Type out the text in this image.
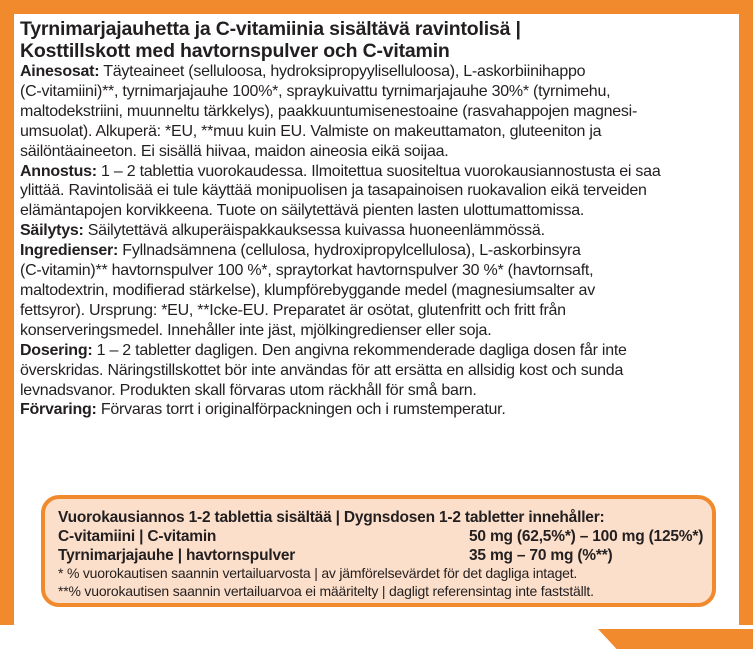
Tyrnimarjajauhetta ja C-vitamiinia sisältävä ravintolisä |
Kosttillskott med havtornspulver och C-vitamin
Ainesosat: Täyteaineet (selluloosa, hydroksipropyyliselluloosa), L-askorbiinihappo
(C-vitamiini)**, tyrnimarjajauhe 100%*, spraykuivattu tyrnimarjajauhe 30%* (tyrnimehu,
maltodekstriini, muunneltu tärkkelys), paakkuuntumisenestoaine (rasvahappojen magnesi-
umsuolat). Alkuperä: *EU, **muu kuin EU. Valmiste on makeuttamaton, gluteeniton ja
säilöntäaineeton. Ei sisällä hiivaa, maidon aineosia eikä soijaa.
Annostus: 1 – 2 tablettia vuorokaudessa. Ilmoitettua suositeltua vuorokausiannostusta ei saa
ylittää. Ravintolisää ei tule käyttää monipuolisen ja tasapainoisen ruokavalion eikä terveiden
elämäntapojen korvikkeena. Tuote on säilytettävä pienten lasten ulottumattomissa.
Säilytys: Säilytettävä alkuperäispakkauksessa kuivassa huoneenlämmössä.
Ingredienser: Fyllnadsämnena (cellulosa, hydroxipropylcellulosa), L-askorbinsyra
(C-vitamin)** havtornspulver 100 %*, spraytorkat havtornspulver 30 %* (havtornsaft,
maltodextrin, modifierad stärkelse), klumpförebyggande medel (magnesiumsalter av
fettsyror). Ursprung: *EU, **Icke-EU. Preparatet är osötat, glutenfritt och fritt från
konserveringsmedel. Innehåller inte jäst, mjölkingredienser eller soja.
Dosering: 1 – 2 tabletter dagligen. Den angivna rekommenderade dagliga dosen får inte
överskridas. Näringstillskottet bör inte användas för att ersätta en allsidig kost och sunda
levnadsvanor. Produkten skall förvaras utom räckhåll för små barn.
Förvaring: Förvaras torrt i originalförpackningen och i rumstemperatur.
Vuorokausiannos 1-2 tablettia sisältää | Dygnsdosen 1-2 tabletter innehåller:
C-vitamiini | C-vitamin	50 mg (62,5%*) – 100 mg (125%*)
Tyrnimarjajauhe | havtornspulver	35 mg – 70 mg (%**)
* % vuorokautisen saannin vertailuarvosta | av jämförelsevärdet för det dagliga intaget.
**% vuorokautisen saannin vertailuarvoa ei määritelty | dagligt referensintag inte fastställt.
